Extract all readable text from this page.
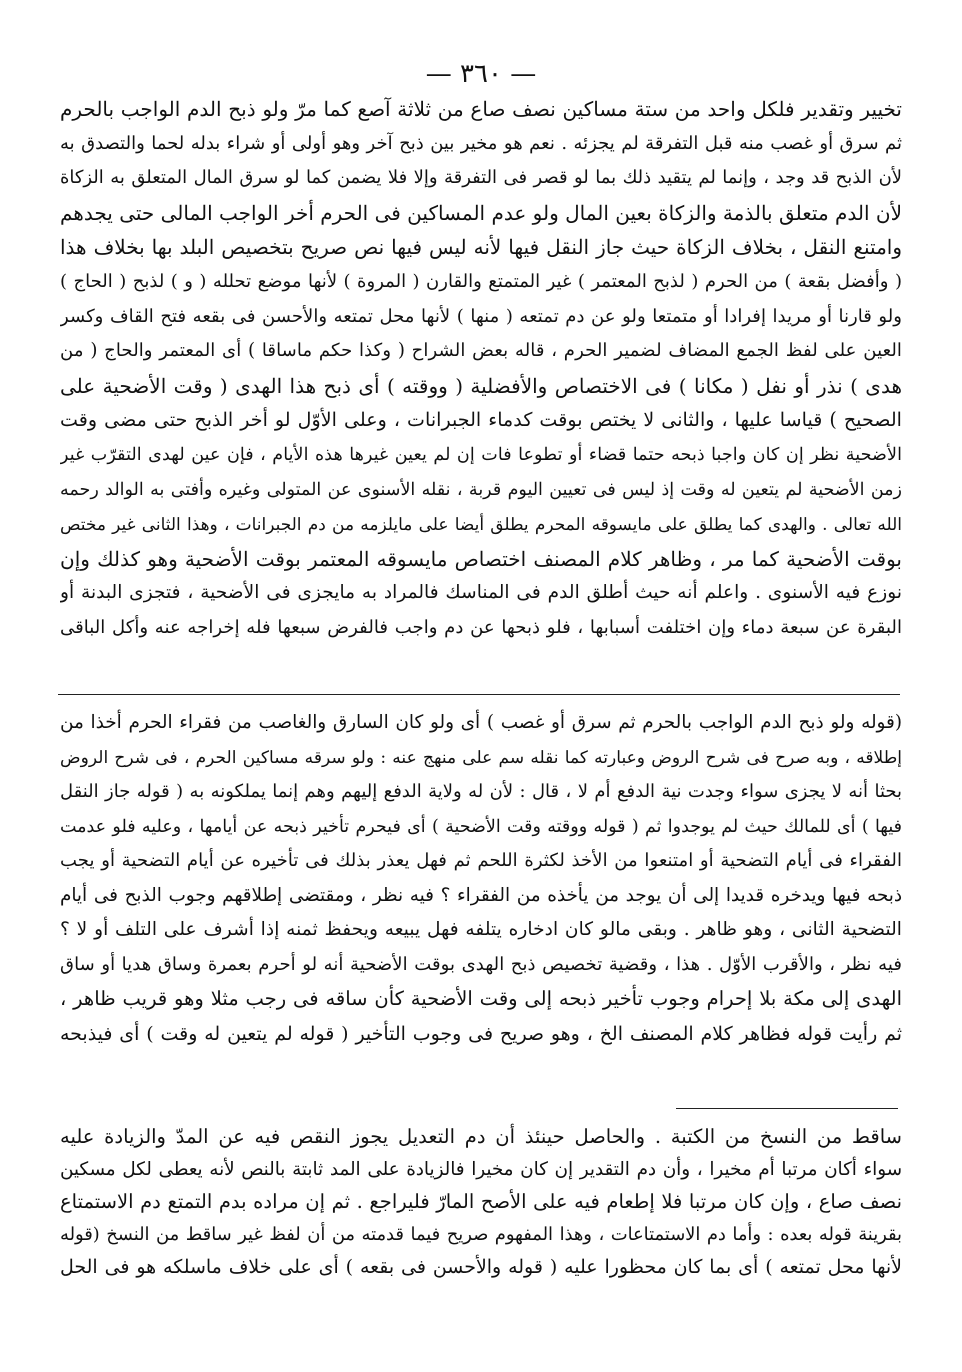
— ٣٦٠ —
تخيير وتقدير فلكل واحد من ستة مساكين نصف صاع من ثلاثة آصع كما مرّ ولو ذبح الدم الواجب بالحرم
ثم سرق أو غصب منه قبل التفرقة لم يجزئه . نعم هو مخير بين ذبح آخر وهو أولى أو شراء بدله لحما والتصدق به
لأن الذبح قد وجد ، وإنما لم يتقيد ذلك بما لو قصر فى التفرقة وإلا فلا يضمن كما لو سرق المال المتعلق به الزكاة
لأن الدم متعلق بالذمة والزكاة بعين المال ولو عدم المساكين فى الحرم أخر الواجب المالى حتى يجدهم
وامتنع النقل ، بخلاف الزكاة حيث جاز النقل فيها لأنه ليس فيها نص صريح بتخصيص البلد بها بخلاف هذا
( وأفضل بقعة ) من الحرم ( لذبح المعتمر ) غير المتمتع والقارن ( المروة ) لأنها موضع تحلله ( و ) لذبح ( الحاج )
ولو قارنا أو مريدا إفرادا أو متمتعا ولو عن دم تمتعه ( منها ) لأنها محل تمتعه والأحسن فى بقعه فتح القاف وكسر
العين على لفظ الجمع المضاف لضمير الحرم ، قاله بعض الشراح ( وكذا حكم ماساقا ) أى المعتمر والحاج ( من
هدى ) نذر أو نفل ( مكانا ) فى الاختصاص والأفضلية ( ووقته ) أى ذبح هذا الهدى ( وقت الأضحية على
الصحيح ) قياسا عليها ، والثانى لا يختص بوقت كدماء الجبرانات ، وعلى الأوّل لو أخر الذبح حتى مضى وقت
الأضحية نظر إن كان واجبا ذبحه حتما قضاء أو تطوعا فات إن لم يعين غيرها هذه الأيام ، فإن عين لهدى التقرّب غير
زمن الأضحية لم يتعين له وقت إذ ليس فى تعيين اليوم قربة ، نقله الأسنوى عن المتولى وغيره وأفتى به الوالد رحمه
الله تعالى . والهدى كما يطلق على مايسوقه المحرم يطلق أيضا على مايلزمه من دم الجبرانات ، وهذا الثانى غير مختص
بوقت الأضحية كما مر ، وظاهر كلام المصنف اختصاص مايسوقه المعتمر بوقت الأضحية وهو كذلك وإن
نوزع فيه الأسنوى . واعلم أنه حيث أطلق الدم فى المناسك فالمراد به مايجزى فى الأضحية ، فتجزى البدنة أو
البقرة عن سبعة دماء وإن اختلفت أسبابها ، فلو ذبحها عن دم واجب فالفرض سبعها فله إخراجه عنه وأكل الباقى
(قوله ولو ذبح الدم الواجب بالحرم ثم سرق أو غصب ) أى ولو كان السارق والغاصب من فقراء الحرم أخذا من
إطلاقه ، وبه صرح فى شرح الروض وعبارته كما نقله سم على منهج عنه : ولو سرقه مساكين الحرم ، فى شرح الروض
بحثا أنه لا يجزى سواء وجدت نية الدفع أم لا ، قال : لأن له ولاية الدفع إليهم وهم إنما يملكونه به ( قوله جاز النقل
فيها ) أى للمالك حيث لم يوجدوا ثم ( قوله ووقته وقت الأضحية ) أى فيحرم تأخير ذبحه عن أيامها ، وعليه فلو عدمت
الفقراء فى أيام التضحية أو امتنعوا من الأخذ لكثرة اللحم ثم فهل يعذر بذلك فى تأخيره عن أيام التضحية أو يجب
ذبحه فيها ويدخره قديدا إلى أن يوجد من يأخذه من الفقراء ؟ فيه نظر ، ومقتضى إطلاقهم وجوب الذبح فى أيام
التضحية الثانى ، وهو ظاهر . وبقى مالو كان ادخاره يتلفه فهل يبيعه ويحفظ ثمنه إذا أشرف على التلف أو لا ؟
فيه نظر ، والأقرب الأوّل . هذا ، وقضية تخصيص ذبح الهدى بوقت الأضحية أنه لو أحرم بعمرة وساق هديا أو ساق
الهدى إلى مكة بلا إحرام وجوب تأخير ذبحه إلى وقت الأضحية كأن ساقه فى رجب مثلا وهو قريب ظاهر ،
ثم رأيت قوله فظاهر كلام المصنف الخ ، وهو صريح فى وجوب التأخير ( قوله لم يتعين له وقت ) أى فيذبحه
ساقط من النسخ من الكتبة . والحاصل حينئذ أن دم التعديل يجوز النقص فيه عن المدّ والزيادة عليه
سواء أكان مرتبا أم مخيرا ، وأن دم التقدير إن كان مخيرا فالزيادة على المد ثابتة بالنص لأنه يعطى لكل مسكين
نصف صاع ، وإن كان مرتبا فلا إطعام فيه على الأصح المارّ فليراجع . ثم إن مراده بدم التمتع دم الاستمتاع
بقرينة قوله بعده : وأما دم الاستمتاعات ، وهذا المفهوم صريح فيما قدمته من أن لفظ غير ساقط من النسخ (قوله
لأنها محل تمتعه ) أى بما كان محظورا عليه ( قوله والأحسن فى بقعه ) أى على خلاف ماسلكه هو فى الحل
